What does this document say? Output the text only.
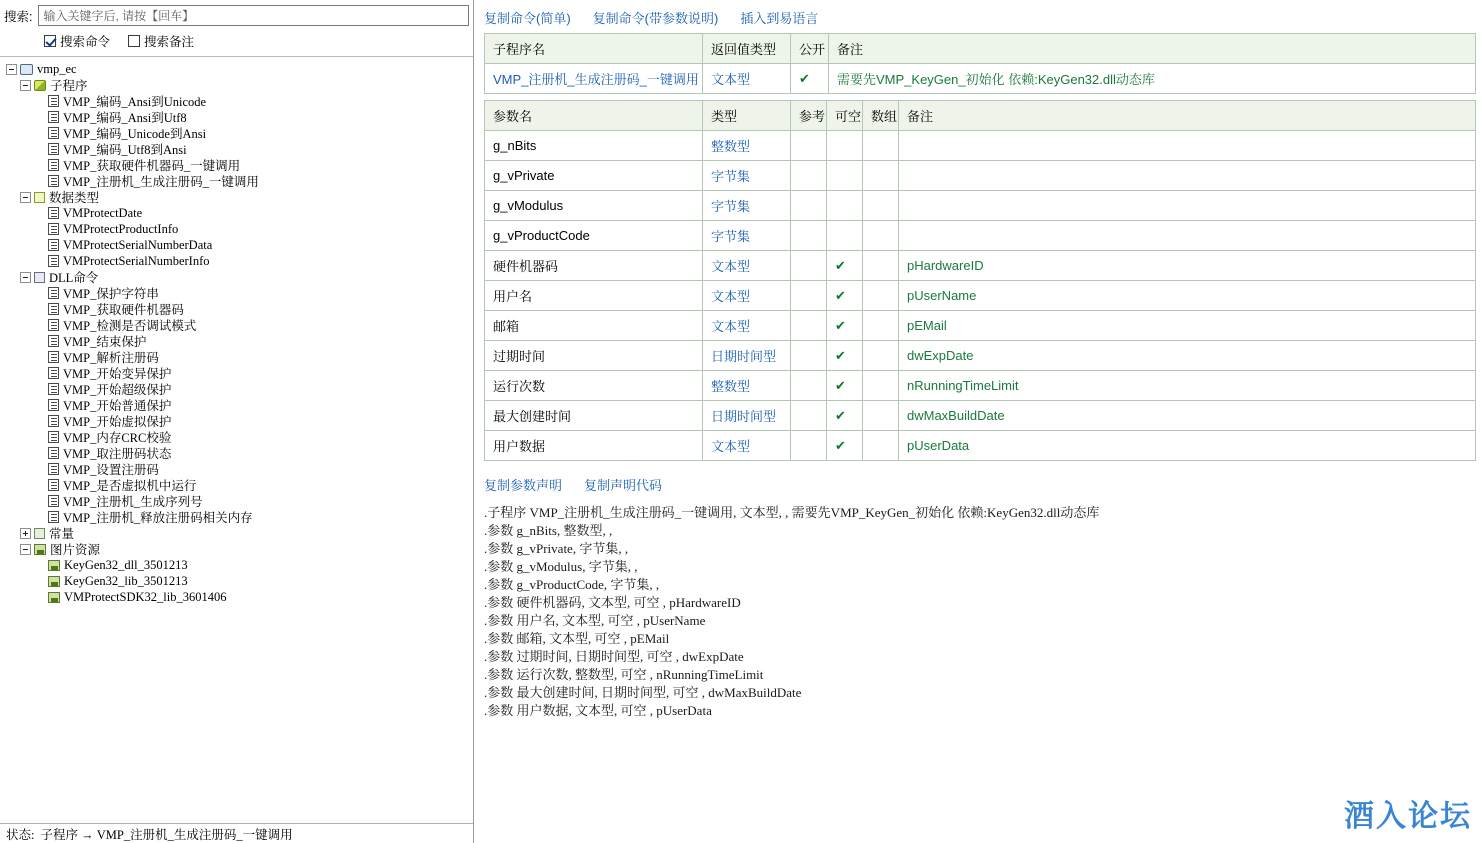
搜索:
输入关键字后, 请按【回车】
搜索命令	搜索备注
vmp_ec
子程序
VMP_编码_Ansi到Unicode
VMP_编码_Ansi到Utf8
VMP_编码_Unicode到Ansi
VMP_编码_Utf8到Ansi
VMP_获取硬件机器码_一键调用
VMP_注册机_生成注册码_一键调用
数据类型
VMProtectDate
VMProtectProductInfo
VMProtectSerialNumberData
VMProtectSerialNumberInfo
DLL命令
VMP_保护字符串
VMP_获取硬件机器码
VMP_检测是否调试模式
VMP_结束保护
VMP_解析注册码
VMP_开始变异保护
VMP_开始超级保护
VMP_开始普通保护
VMP_开始虚拟保护
VMP_内存CRC校验
VMP_取注册码状态
VMP_设置注册码
VMP_是否虚拟机中运行
VMP_注册机_生成序列号
VMP_注册机_释放注册码相关内存
常量
图片资源
KeyGen32_dll_3501213
KeyGen32_lib_3501213
VMProtectSDK32_lib_3601406
状态: 子程序 → VMP_注册机_生成注册码_一键调用
复制命令(简单) 复制命令(带参数说明) 插入到易语言
子程序名	返回值类型	公开	备注
VMP_注册机_生成注册码_一键调用	文本型	✔	需要先VMP_KeyGen_初始化 依赖:KeyGen32.dll动态库
参数名	类型	参考	可空	数组	备注
g_nBits	整数型				
g_vPrivate	字节集				
g_vModulus	字节集				
g_vProductCode	字节集				
硬件机器码	文本型		✔		pHardwareID
用户名	文本型		✔		pUserName
邮箱	文本型		✔		pEMail
过期时间	日期时间型		✔		dwExpDate
运行次数	整数型		✔		nRunningTimeLimit
最大创建时间	日期时间型		✔		dwMaxBuildDate
用户数据	文本型		✔		pUserData
复制参数声明 复制声明代码
.子程序 VMP_注册机_生成注册码_一键调用, 文本型, , 需要先VMP_KeyGen_初始化 依赖:KeyGen32.dll动态库
.参数 g_nBits, 整数型, ,
.参数 g_vPrivate, 字节集, ,
.参数 g_vModulus, 字节集, ,
.参数 g_vProductCode, 字节集, ,
.参数 硬件机器码, 文本型, 可空 , pHardwareID
.参数 用户名, 文本型, 可空 , pUserName
.参数 邮箱, 文本型, 可空 , pEMail
.参数 过期时间, 日期时间型, 可空 , dwExpDate
.参数 运行次数, 整数型, 可空 , nRunningTimeLimit
.参数 最大创建时间, 日期时间型, 可空 , dwMaxBuildDate
.参数 用户数据, 文本型, 可空 , pUserData
酒入论坛
